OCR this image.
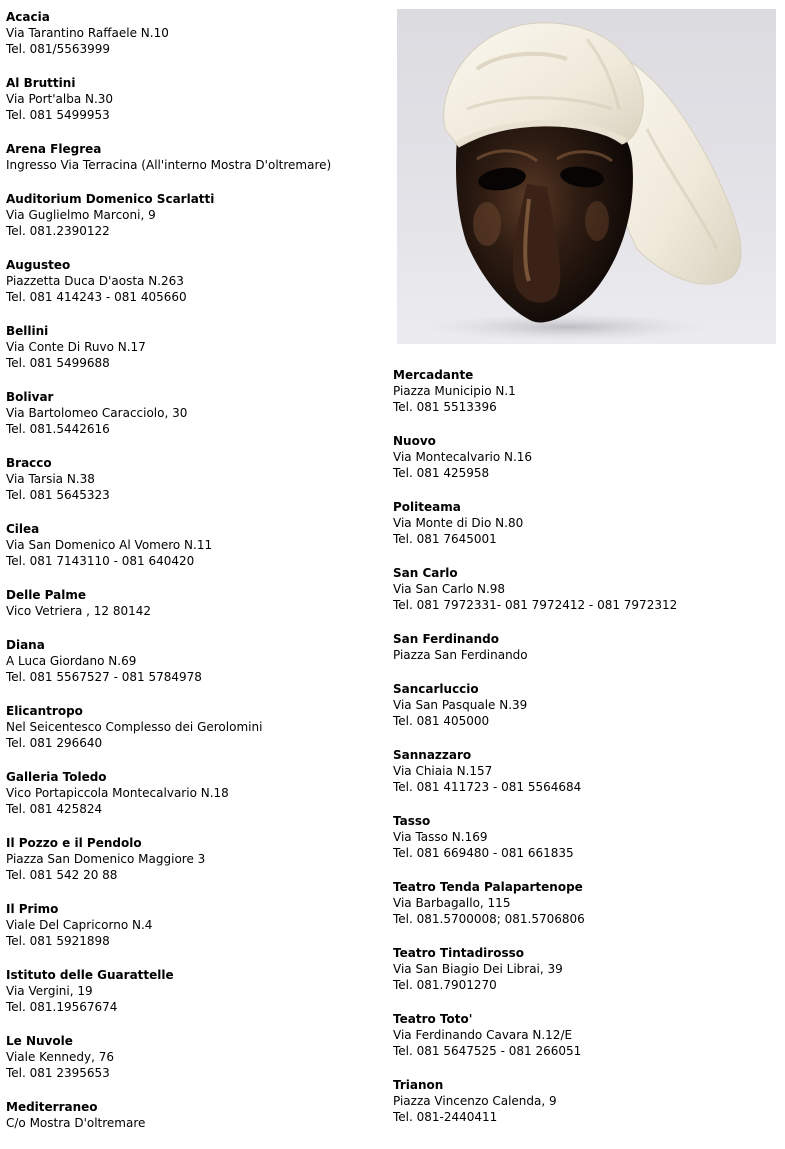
Acacia
Via Tarantino Raffaele N.10
Tel. 081/5563999
Al Bruttini
Via Port'alba N.30
Tel. 081 5499953
Arena Flegrea
Ingresso Via Terracina (All'interno Mostra D'oltremare)
Auditorium Domenico Scarlatti
Via Guglielmo Marconi, 9
Tel. 081.2390122
Augusteo
Piazzetta Duca D'aosta N.263
Tel. 081 414243 - 081 405660
Bellini
Via Conte Di Ruvo N.17
Tel. 081 5499688
Bolivar
Via Bartolomeo Caracciolo, 30
Tel. 081.5442616
Bracco
Via Tarsia N.38
Tel. 081 5645323
Cilea
Via San Domenico Al Vomero N.11
Tel. 081 7143110 - 081 640420
Delle Palme
Vico Vetriera , 12 80142
Diana
A Luca Giordano N.69
Tel. 081 5567527 - 081 5784978
Elicantropo
Nel Seicentesco Complesso dei Gerolomini
Tel. 081 296640
Galleria Toledo
Vico Portapiccola Montecalvario N.18
Tel. 081 425824
Il Pozzo e il Pendolo
Piazza San Domenico Maggiore 3
Tel. 081 542 20 88
Il Primo
Viale Del Capricorno N.4
Tel. 081 5921898
Istituto delle Guarattelle
Via Vergini, 19
Tel. 081.19567674
Le Nuvole
Viale Kennedy, 76
Tel. 081 2395653
Mediterraneo
C/o Mostra D'oltremare
Mercadante
Piazza Municipio N.1
Tel. 081 5513396
Nuovo
Via Montecalvario N.16
Tel. 081 425958
Politeama
Via Monte di Dio N.80
Tel. 081 7645001
San Carlo
Via San Carlo N.98
Tel. 081 7972331- 081 7972412 - 081 7972312
San Ferdinando
Piazza San Ferdinando
Sancarluccio
Via San Pasquale N.39
Tel. 081 405000
Sannazzaro
Via Chiaia N.157
Tel. 081 411723 - 081 5564684
Tasso
Via Tasso N.169
Tel. 081 669480 - 081 661835
Teatro Tenda Palapartenope
Via Barbagallo, 115
Tel. 081.5700008; 081.5706806
Teatro Tintadirosso
Via San Biagio Dei Librai, 39
Tel. 081.7901270
Teatro Toto'
Via Ferdinando Cavara N.12/E
Tel. 081 5647525 - 081 266051
Trianon
Piazza Vincenzo Calenda, 9
Tel. 081-2440411
